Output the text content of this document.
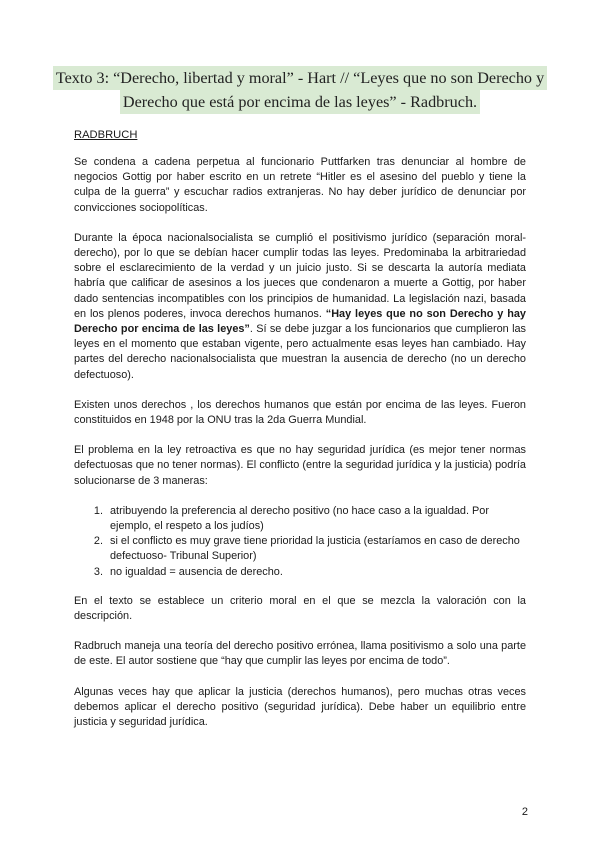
Texto 3: “Derecho, libertad y moral” - Hart // “Leyes que no son Derecho y
Derecho que está por encima de las leyes” - Radbruch.
RADBRUCH

Se condena a cadena perpetua al funcionario Puttfarken tras denunciar al hombre de negocios Gottig por haber escrito en un retrete “Hitler es el asesino del pueblo y tiene la culpa de la guerra” y escuchar radios extranjeras. No hay deber jurídico de denunciar por convicciones sociopolíticas.

Durante la época nacionalsocialista se cumplió el positivismo jurídico (separación moral-derecho), por lo que se debían hacer cumplir todas las leyes. Predominaba la arbitrariedad sobre el esclarecimiento de la verdad y un juicio justo. Si se descarta la autoría mediata habría que calificar de asesinos a los jueces que condenaron a muerte a Gottig, por haber dado sentencias incompatibles con los principios de humanidad. La legislación nazi, basada en los plenos poderes, invoca derechos humanos. “Hay leyes que no son Derecho y hay Derecho por encima de las leyes”. Sí se debe juzgar a los funcionarios que cumplieron las leyes en el momento que estaban vigente, pero actualmente esas leyes han cambiado. Hay partes del derecho nacionalsocialista que muestran la ausencia de derecho (no un derecho defectuoso).

Existen unos derechos , los derechos humanos que están por encima de las leyes. Fueron constituidos en 1948 por la ONU tras la 2da Guerra Mundial.

El problema en la ley retroactiva es que no hay seguridad jurídica (es mejor tener normas defectuosas que no tener normas). El conflicto (entre la seguridad jurídica y la justicia) podría solucionarse de 3 maneras:

1. atribuyendo la preferencia al derecho positivo (no hace caso a la igualdad. Por ejemplo, el respeto a los judíos)
2. si el conflicto es muy grave tiene prioridad la justicia (estaríamos en caso de derecho defectuoso- Tribunal Superior)
3. no igualdad = ausencia de derecho.

En el texto se establece un criterio moral en el que se mezcla la valoración con la descripción.

Radbruch maneja una teoría del derecho positivo errónea, llama positivismo a solo una parte de este. El autor sostiene que “hay que cumplir las leyes por encima de todo”.

Algunas veces hay que aplicar la justicia (derechos humanos), pero muchas otras veces debemos aplicar el derecho positivo (seguridad jurídica). Debe haber un equilibrio entre justicia y seguridad jurídica.

2
